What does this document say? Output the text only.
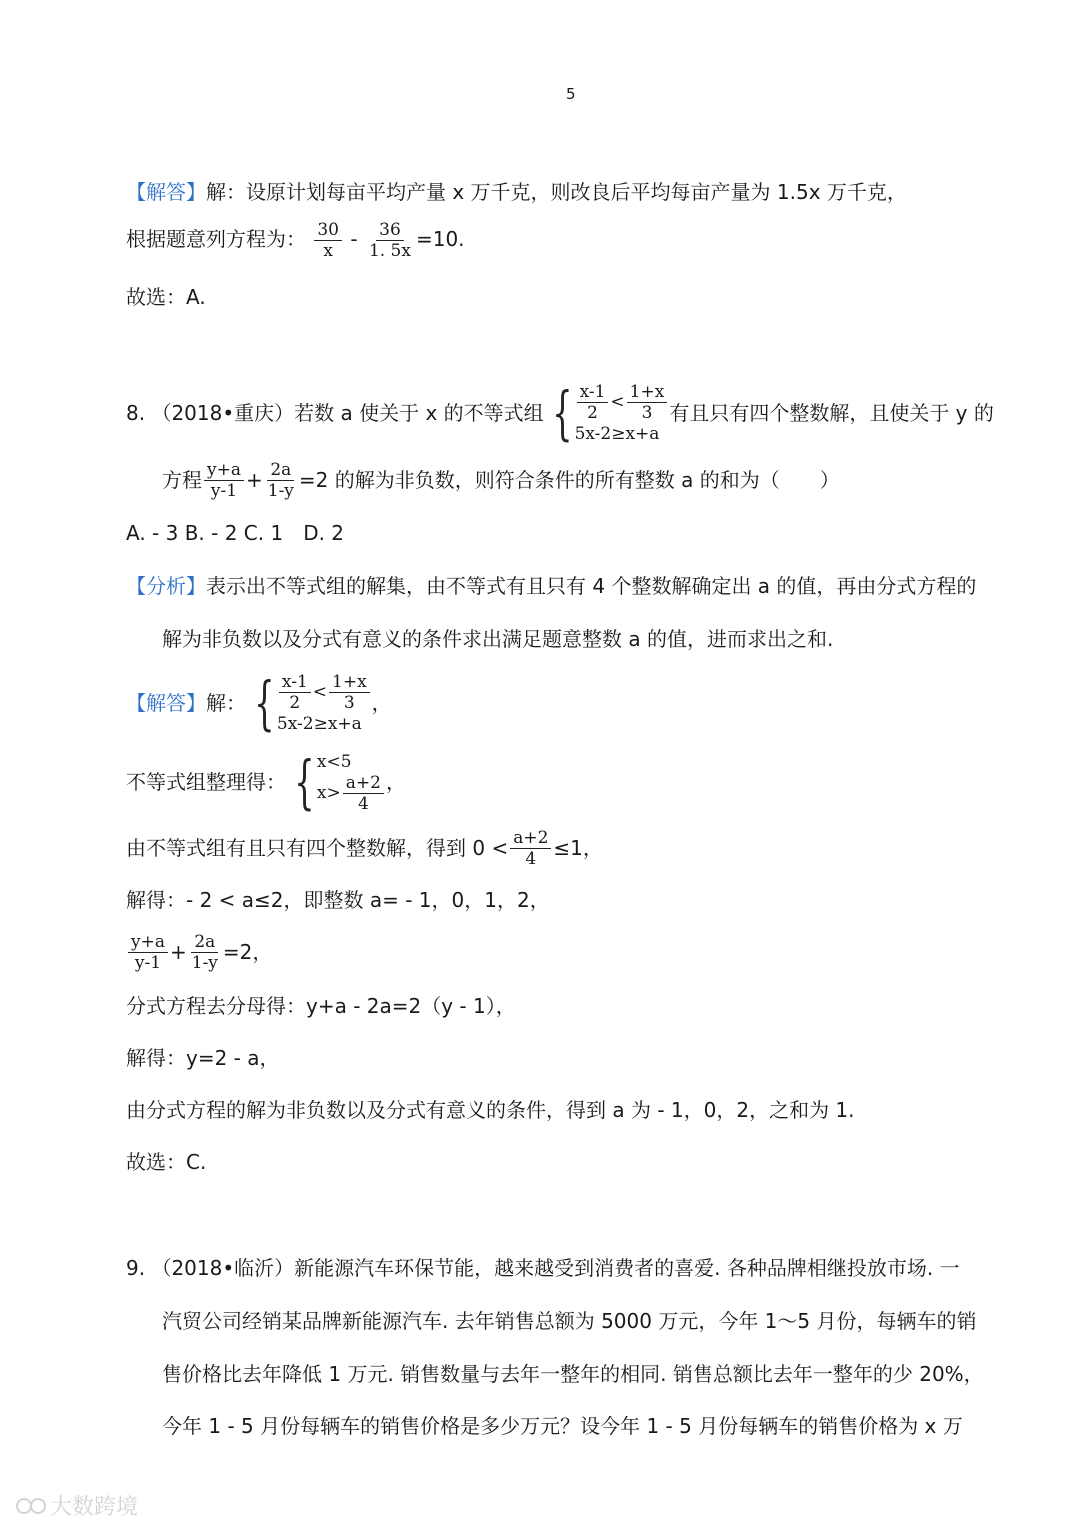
5
【解答】解：设原计划每亩平均产量 x 万千克，则改良后平均每亩产量为 1.5x 万千克，
根据题意列方程为： $\frac{30}{x} - \frac{36}{1. 5x} =10$.
故选：A.
8. （2018•重庆）若数 a 使关于 x 的不等式组 { $\frac{x-1}{2} < \frac{1+x}{3}$
5x-2≥x+a
有且只有四个整数解，且使关于 y 的
方程 $\frac{y+a}{y-1} + \frac{2a}{1-y} =2$ 的解为非负数，则符合条件的所有整数 a 的和为（　　）
A. - 3 B. - 2 C. 1　D. 2
【分析】表示出不等式组的解集，由不等式有且只有 4 个整数解确定出 a 的值，再由分式方程的
解为非负数以及分式有意义的条件求出满足题意整数 a 的值，进而求出之和.
【解答】 解： { $\frac{x-1}{2} < \frac{1+x}{3}$
5x-2≥x+a
，
不等式组整理得： { x<5
$x> \frac{a+2}{4}$ ，
由不等式组有且只有四个整数解，得到 $0 < \frac{a+2}{4} \le 1$，
解得：- 2 < a≤2，即整数 a= - 1，0，1，2，
$\frac{y+a}{y-1} + \frac{2a}{1-y} =2$，
分式方程去分母得：y+a - 2a=2（y - 1），
解得：y=2 - a，
由分式方程的解为非负数以及分式有意义的条件，得到 a 为 - 1，0，2，之和为 1.
故选：C.
9. （2018•临沂）新能源汽车环保节能，越来越受到消费者的喜爱. 各种品牌相继投放市场. 一
汽贸公司经销某品牌新能源汽车. 去年销售总额为 5000 万元，今年 1～5 月份，每辆车的销
售价格比去年降低 1 万元. 销售数量与去年一整年的相同. 销售总额比去年一整年的少 20%，
今年 1 - 5 月份每辆车的销售价格是多少万元？设今年 1 - 5 月份每辆车的销售价格为 x 万
大数跨境
